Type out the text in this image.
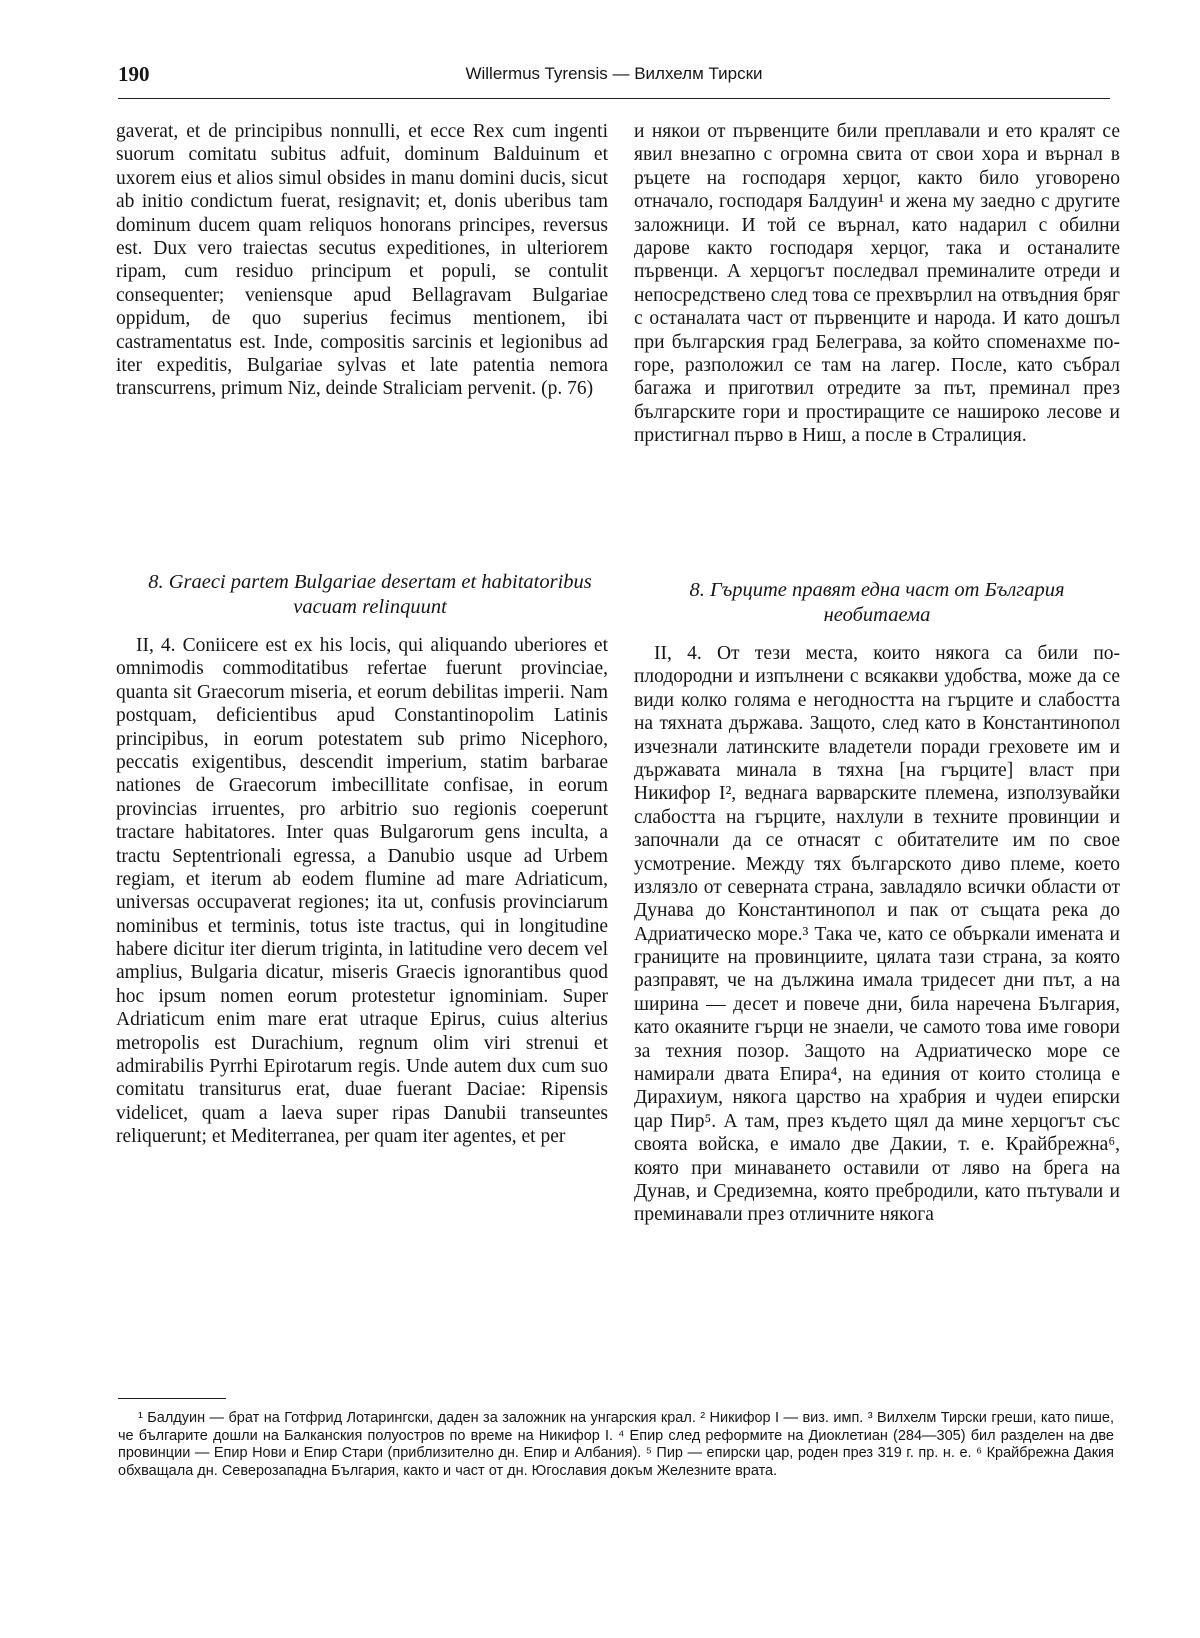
190	Willermus Tyrensis — Вилхелм Тирски

gaverat, et de principibus nonnulli, et ecce Rex cum ingenti suorum comitatu subitus adfuit, dominum Balduinum et uxorem eius et alios simul obsides in manu domini ducis, sicut ab initio condictum fuerat, resignavit; et, donis uberibus tam dominum ducem quam reliquos honorans principes, reversus est. Dux vero traiectas secutus expeditiones, in ulteriorem ripam, cum residuo principum et populi, se contulit consequenter; veniensque apud Bellagravam Bulgariae oppidum, de quo superius fecimus mentionem, ibi castramentatus est. Inde, compositis sarcinis et legionibus ad iter expeditis, Bulgariae sylvas et late patentia nemora transcurrens, primum Niz, deinde Straliciam pervenit. (p. 76)

8. Graeci partem Bulgariae desertam et habitatoribus vacuam relinquunt

II, 4. Coniicere est ex his locis, qui aliquando uberiores et omnimodis commoditatibus refertae fuerunt provinciae, quanta sit Graecorum miseria, et eorum debilitas imperii. Nam postquam, deficientibus apud Constantinopolim Latinis principibus, in eorum potestatem sub primo Nicephoro, peccatis exigentibus, descendit imperium, statim barbarae nationes de Graecorum imbecillitate confisae, in eorum provincias irruentes, pro arbitrio suo regionis coeperunt tractare habitatores. Inter quas Bulgarorum gens inculta, a tractu Septentrionali egressa, a Danubio usque ad Urbem regiam, et iterum ab eodem flumine ad mare Adriaticum, universas occupaverat regiones; ita ut, confusis provinciarum nominibus et terminis, totus iste tractus, qui in longitudine habere dicitur iter dierum triginta, in latitudine vero decem vel amplius, Bulgaria dicatur, miseris Graecis ignorantibus quod hoc ipsum nomen eorum protestetur ignominiam. Super Adriaticum enim mare erat utraque Epirus, cuius alterius metropolis est Durachium, regnum olim viri strenui et admirabilis Pyrrhi Epirotarum regis. Unde autem dux cum suo comitatu transiturus erat, duae fuerant Daciae: Ripensis videlicet, quam a laeva super ripas Danubii transeuntes reliquerunt; et Mediterranea, per quam iter agentes, et per

и някои от първенците били преплавали и ето кралят се явил внезапно с огромна свита от свои хора и върнал в ръцете на господаря херцог, както било уговорено отначало, господаря Балдуин¹ и жена му заедно с другите заложници. И той се върнал, като надарил с обилни дарове както господаря херцог, така и останалите първенци. А херцогът последвал преминалите отреди и непосредствено след това се прехвърлил на отвъдния бряг с останалата част от първенците и народа. И като дошъл при българския град Белеграва, за който споменахме по-горе, разположил се там на лагер. После, като събрал багажа и приготвил отредите за път, преминал през българските гори и простиращите се нашироко лесове и пристигнал първо в Ниш, а после в Стралиция.

8. Гърците правят една част от България необитаема

II, 4. От тези места, които някога са били по-плодородни и изпълнени с всякакви удобства, може да се види колко голяма е негодността на гърците и слабостта на тяхната държава. Защото, след като в Константинопол изчезнали латинските владетели поради греховете им и държавата минала в тяхна [на гърците] власт при Никифор I², веднага варварските племена, използувайки слабостта на гърците, нахлули в техните провинции и започнали да се отнасят с обитателите им по свое усмотрение. Между тях българското диво племе, което излязло от северната страна, завладяло всички области от Дунава до Константинопол и пак от същата река до Адриатическо море.³ Така че, като се объркали имената и границите на провинциите, цялата тази страна, за която разправят, че на дължина имала тридесет дни път, а на ширина — десет и повече дни, била наречена България, като окаяните гърци не знаели, че самото това име говори за техния позор. Защото на Адриатическо море се намирали двата Епира⁴, на единия от които столица е Дирахиум, някога царство на храбрия и чудеи епирски цар Пир⁵. А там, през където щял да мине херцогът със своята войска, е имало две Дакии, т. е. Крайбрежна⁶, която при минаването оставили от ляво на брега на Дунав, и Средиземна, която пребродили, като пътували и преминавали през отличните някога

¹ Балдуин — брат на Готфрид Лотарингски, даден за заложник на унгарския крал. ² Никифор I — виз. имп. ³ Вилхелм Тирски греши, като пише, че българите дошли на Балканския полуостров по време на Никифор I. ⁴ Епир след реформите на Диоклетиан (284—305) бил разделен на две провинции — Епир Нови и Епир Стари (приблизително дн. Епир и Албания). ⁵ Пир — епирски цар, роден през 319 г. пр. н. е. ⁶ Крайбрежна Дакия обхващала дн. Северозападна България, както и част от дн. Югославия докъм Железните врата.
